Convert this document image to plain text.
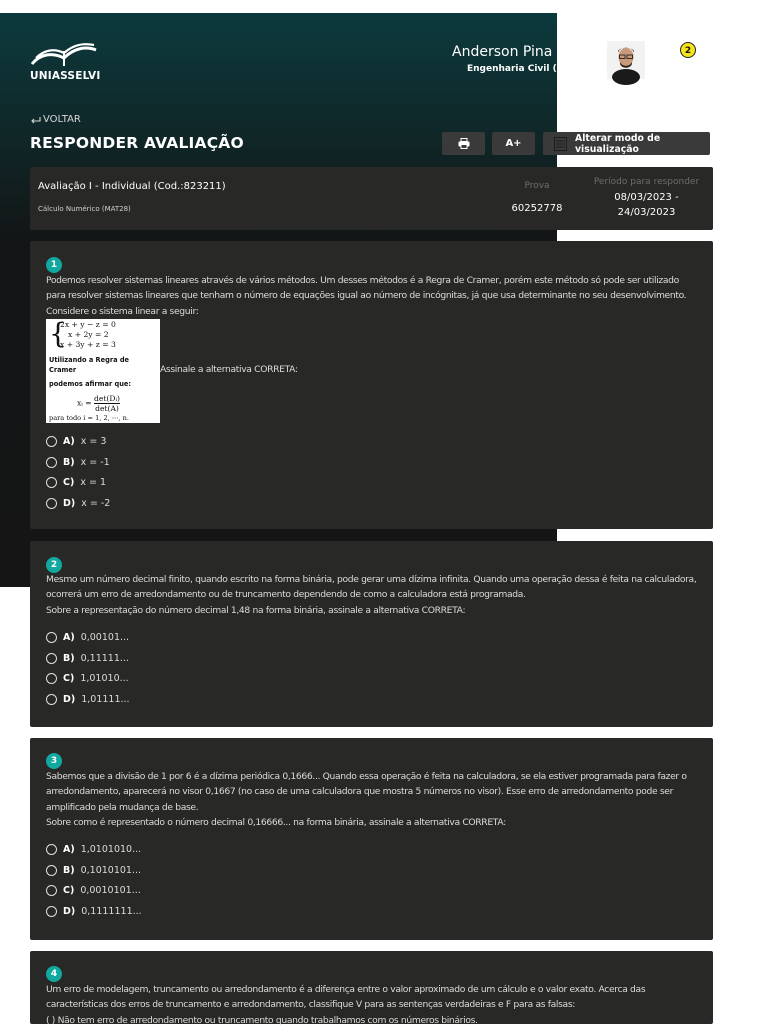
UNIASSELVI
Anderson Pina S
Engenharia Civil (47
2
VOLTAR
RESPONDER AVALIAÇÃO	A+	Alterar modo de visualização
Avaliação I - Individual (Cod.:823211)
Cálculo Numérico (MAT28)
Prova
60252778
Período para responder
08/03/2023 -
24/03/2023
1

Podemos resolver sistemas lineares através de vários métodos. Um desses métodos é a Regra de Cramer, porém este método só pode ser utilizado para resolver sistemas lineares que tenham o número de equações igual ao número de incógnitas, já que usa determinante no seu desenvolvimento. Considere o sistema linear a seguir:

{
2x + y − z = 0
x + 2y = 2
x + 3y + z = 3
Utilizando a Regra de Cramer
podemos afirmar que:
xᵢ = $\frac{\text{det(Dᵢ)}}{\det(A)}$
para todo i = 1, 2, ⋯, n.
Assinale a alternativa CORRETA:
A) x = 3
B) x = -1
C) x = 1
D) x = -2
2

Mesmo um número decimal finito, quando escrito na forma binária, pode gerar uma dízima infinita. Quando uma operação dessa é feita na calculadora, ocorrerá um erro de arredondamento ou de truncamento dependendo de como a calculadora está programada.

Sobre a representação do número decimal 1,48 na forma binária, assinale a alternativa CORRETA:

A) 0,00101...
B) 0,11111...
C) 1,01010...
D) 1,01111...
3

Sabemos que a divisão de 1 por 6 é a dízima periódica 0,1666... Quando essa operação é feita na calculadora, se ela estiver programada para fazer o arredondamento, aparecerá no visor 0,1667 (no caso de uma calculadora que mostra 5 números no visor). Esse erro de arredondamento pode ser amplificado pela mudança de base.

Sobre como é representado o número decimal 0,16666... na forma binária, assinale a alternativa CORRETA:

A) 1,0101010...
B) 0,1010101...
C) 0,0010101...
D) 0,1111111...
4

Um erro de modelagem, truncamento ou arredondamento é a diferença entre o valor aproximado de um cálculo e o valor exato. Acerca das características dos erros de truncamento e arredondamento, classifique V para as sentenças verdadeiras e F para as falsas:

( ) Não tem erro de arredondamento ou truncamento quando trabalhamos com os números binários.
